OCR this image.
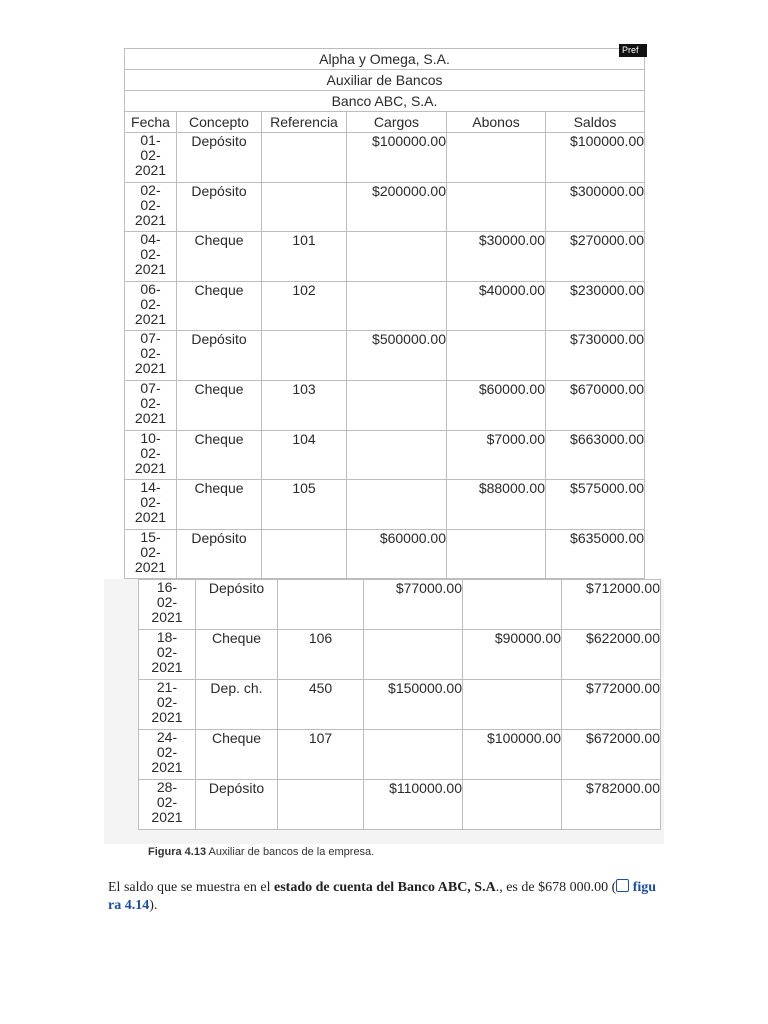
Alpha y Omega, S.A.					
Auxiliar de Bancos					
Banco ABC, S.A.					
Fecha	Concepto	Referencia	Cargos	Abonos	Saldos

01-
02-
2021	Depósito		$100000.00		$100000.00

02-
02-
2021	Depósito		$200000.00		$300000.00

04-
02-
2021	Cheque	101		$30000.00	$270000.00

06-
02-
2021	Cheque	102		$40000.00	$230000.00

07-
02-
2021	Depósito		$500000.00		$730000.00

07-
02-
2021	Cheque	103		$60000.00	$670000.00

10-
02-
2021	Cheque	104		$7000.00	$663000.00

14-
02-
2021	Cheque	105		$88000.00	$575000.00

15-
02-
2021	Depósito		$60000.00		$635000.00
16-
02-
2021	Depósito		$77000.00		$712000.00

18-
02-
2021	Cheque	106		$90000.00	$622000.00

21-
02-
2021	Dep. ch.	450	$150000.00		$772000.00

24-
02-
2021	Cheque	107		$100000.00	$672000.00

28-
02-
2021	Depósito		$110000.00		$782000.00
Figura 4.13 Auxiliar de bancos de la empresa.
El saldo que se muestra en el estado de cuenta del Banco ABC, S.A., es de $678 000.00 ( figu
ra 4.14).
Pref
